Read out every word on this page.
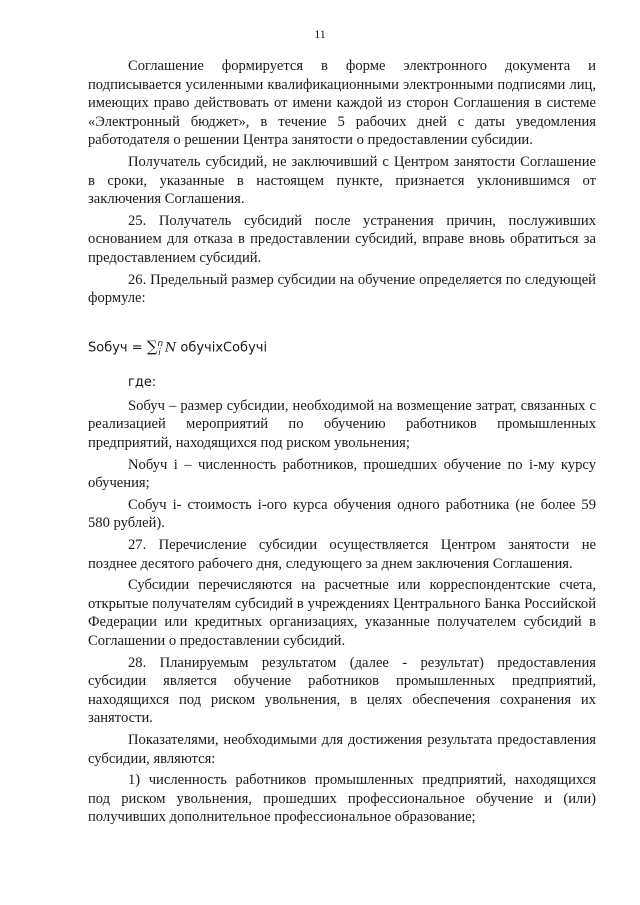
11

Соглашение формируется в форме электронного документа и подписывается усиленными квалификационными электронными подписями лиц, имеющих право действовать от имени каждой из сторон Соглашения в системе «Электронный бюджет», в течение 5 рабочих дней с даты уведомления работодателя о решении Центра занятости о предоставлении субсидии.

Получатель субсидий, не заключивший с Центром занятости Соглашение в сроки, указанные в настоящем пункте, признается уклонившимся от заключения Соглашения.

25. Получатель субсидий после устранения причин, послуживших основанием для отказа в предоставлении субсидий, вправе вновь обратиться за предоставлением субсидий.

26. Предельный размер субсидии на обучение определяется по следующей формуле:

Sобуч = ∑$^n_i$ N обучiхСобучi
где:

Sобуч – размер субсидии, необходимой на возмещение затрат, связанных с реализацией мероприятий по обучению работников промышленных предприятий, находящихся под риском увольнения;

Nобуч i – численность работников, прошедших обучение по i-му курсу обучения;

Собуч i- стоимость i-ого курса обучения одного работника (не более 59 580 рублей).

27. Перечисление субсидии осуществляется Центром занятости не позднее десятого рабочего дня, следующего за днем заключения Соглашения.

Субсидии перечисляются на расчетные или корреспондентские счета, открытые получателям субсидий в учреждениях Центрального Банка Российской Федерации или кредитных организациях, указанные получателем субсидий в Соглашении о предоставлении субсидий.

28. Планируемым результатом (далее - результат) предоставления субсидии является обучение работников промышленных предприятий, находящихся под риском увольнения, в целях обеспечения сохранения их занятости.

Показателями, необходимыми для достижения результата предоставления субсидии, являются:

1) численность работников промышленных предприятий, находящихся под риском увольнения, прошедших профессиональное обучение и (или) получивших дополнительное профессиональное образование;
